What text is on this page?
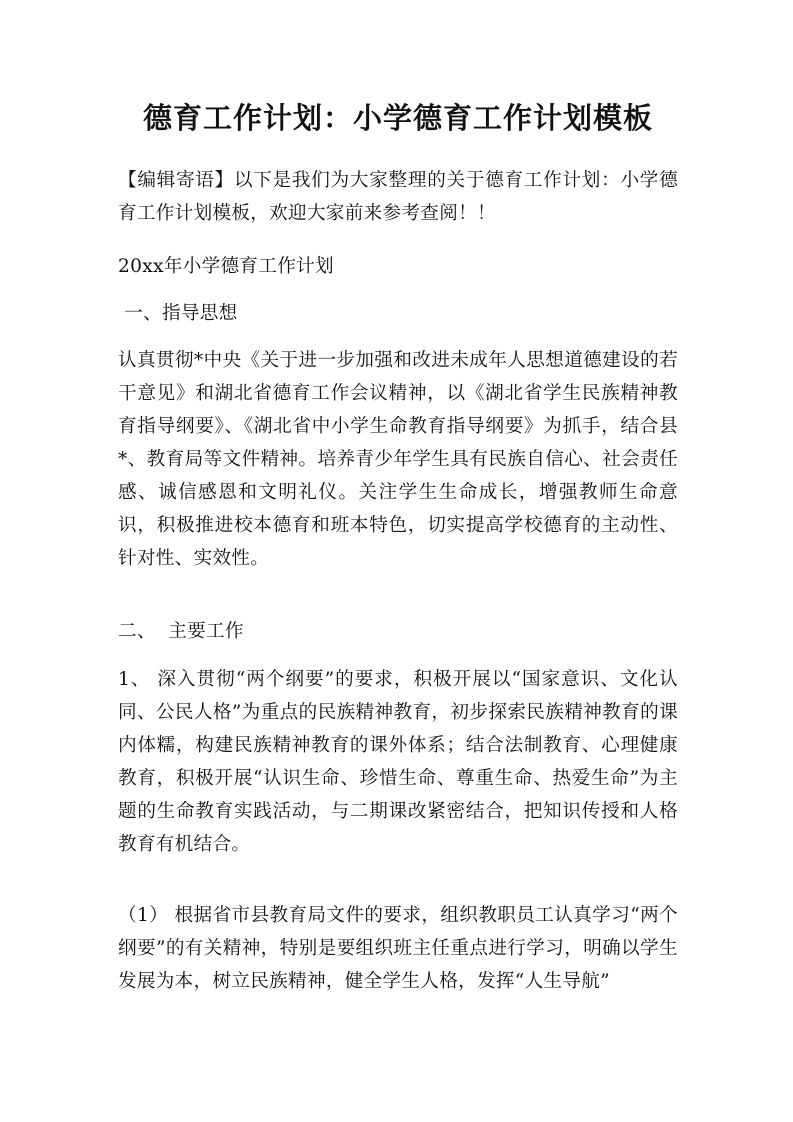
德育工作计划：小学德育工作计划模板
【编辑寄语】以下是我们为大家整理的关于德育工作计划：小学德育工作计划模板，欢迎大家前来参考查阅！！
20xx年小学德育工作计划
一、指导思想
认真贯彻*中央《关于进一步加强和改进未成年人思想道德建设的若干意见》和湖北省德育工作会议精神，以《湖北省学生民族精神教育指导纲要》、《湖北省中小学生命教育指导纲要》为抓手，结合县*、教育局等文件精神。培养青少年学生具有民族自信心、社会责任感、诚信感恩和文明礼仪。关注学生生命成长，增强教师生命意识，积极推进校本德育和班本特色，切实提高学校德育的主动性、针对性、实效性。
二、  主要工作
1、 深入贯彻“两个纲要”的要求，积极开展以“国家意识、文化认同、公民人格”为重点的民族精神教育，初步探索民族精神教育的课内体糯，构建民族精神教育的课外体系；结合法制教育、心理健康教育，积极开展“认识生命、珍惜生命、尊重生命、热爱生命”为主题的生命教育实践活动，与二期课改紧密结合，把知识传授和人格教育有机结合。
（1） 根据省市县教育局文件的要求，组织教职员工认真学习“两个纲要”的有关精神，特别是要组织班主任重点进行学习，明确以学生发展为本，树立民族精神，健全学生人格，发挥“人生导航”
